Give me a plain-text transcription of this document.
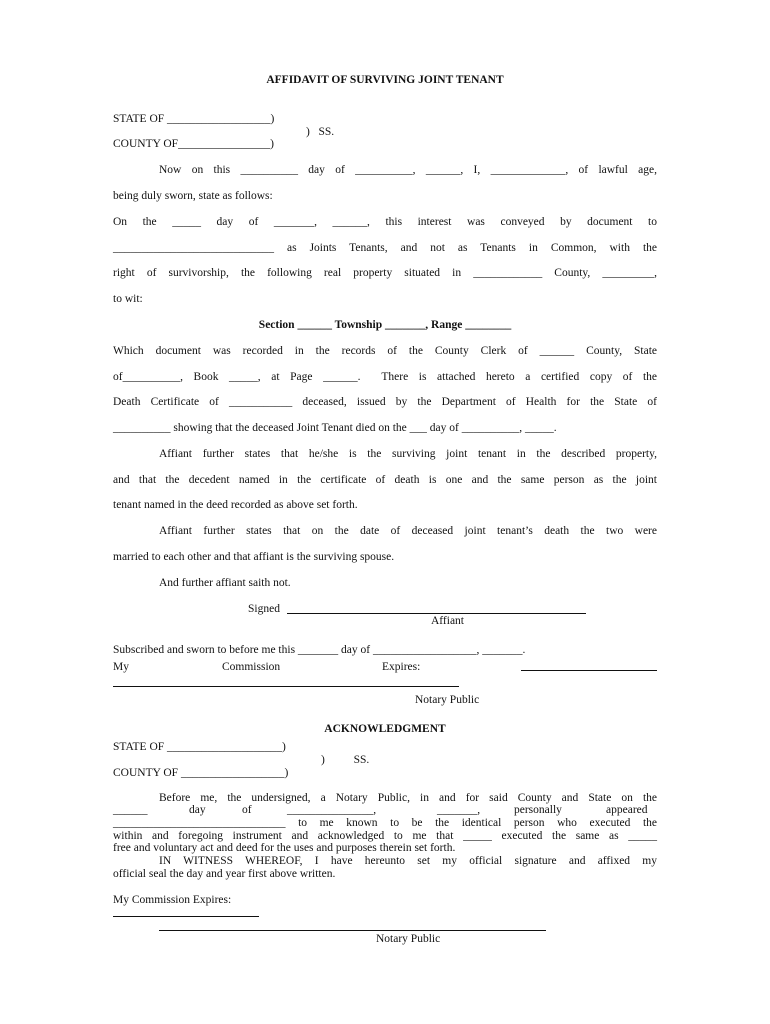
AFFIDAVIT OF SURVIVING JOINT TENANT
STATE OF __________________)
)   SS.
COUNTY OF________________)
Now on this __________ day of __________, ______, I, _____________, of lawful age,
being duly sworn, state as follows:
On the _____ day of _______, ______, this interest was conveyed by document to
____________________________ as Joints Tenants, and not as Tenants in Common, with the
right of survivorship, the following real property situated in ____________ County, _________,
to wit:
Section ______ Township _______, Range ________
Which document was recorded in the records of the County Clerk of ______ County, State
of__________, Book _____, at Page ______.  There is attached hereto a certified copy of the
Death Certificate of ___________ deceased, issued by the Department of Health for the State of
__________ showing that the deceased Joint Tenant died on the ___ day of __________, _____.
Affiant further states that he/she is the surviving joint tenant in the described property,
and that the decedent named in the certificate of death is one and the same person as the joint
tenant named in the deed recorded as above set forth.
Affiant further states that on the date of deceased joint tenant’s death the two were
married to each other and that affiant is the surviving spouse.
And further affiant saith not.
Signed
Affiant
Subscribed and sworn to before me this _______ day of __________________, _______.
My	Commission	Expires:
Notary Public
ACKNOWLEDGMENT
STATE OF ____________________)
)          SS.
COUNTY OF __________________)
Before me, the undersigned, a Notary Public, in and for said County and State on the
______	day	of	_______________,	_______,	personally	appeared
______________________________ to me known to be the identical person who executed the
within and foregoing instrument and acknowledged to me that _____ executed the same as _____
free and voluntary act and deed for the uses and purposes therein set forth.
IN WITNESS WHEREOF, I have hereunto set my official signature and affixed my
official seal the day and year first above written.
My Commission Expires:
Notary Public
